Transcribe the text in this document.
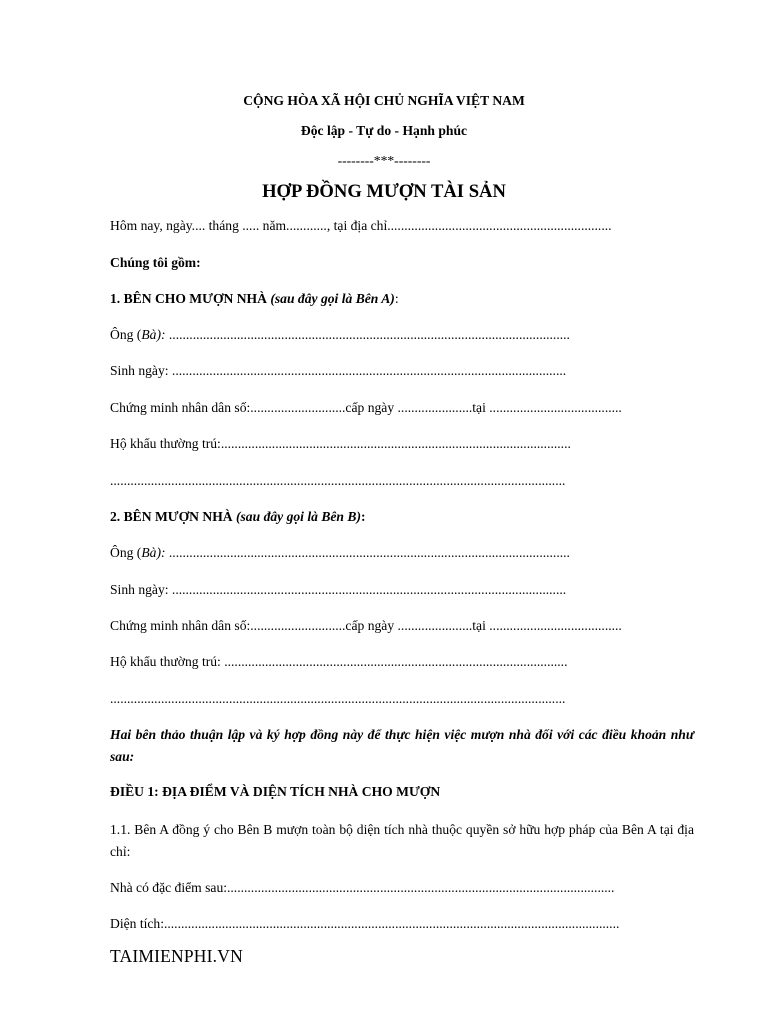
CỘNG HÒA XÃ HỘI CHỦ NGHĨA VIỆT NAM
Độc lập - Tự do - Hạnh phúc
--------***--------
HỢP ĐỒNG MƯỢN TÀI SẢN
Hôm nay, ngày.... tháng ..... năm............, tại địa chỉ..................................................................
Chúng tôi gồm:
1. BÊN CHO MƯỢN NHÀ (sau đây gọi là Bên A):
Ông (Bà): ......................................................................................................................
Sinh ngày: ....................................................................................................................
Chứng minh nhân dân số:............................cấp ngày ......................tại .......................................
Hộ khẩu thường trú:.......................................................................................................
......................................................................................................................................
2. BÊN MƯỢN NHÀ (sau đây gọi là Bên B):
Ông (Bà): ......................................................................................................................
Sinh ngày: ....................................................................................................................
Chứng minh nhân dân số:............................cấp ngày ......................tại .......................................
Hộ khẩu thường trú: .....................................................................................................
......................................................................................................................................
Hai bên thảo thuận lập và ký hợp đồng này để thực hiện việc mượn nhà đối với các điều khoản như sau:
ĐIỀU 1: ĐỊA ĐIỂM VÀ DIỆN TÍCH NHÀ CHO MƯỢN
1.1. Bên A đồng ý cho Bên B mượn toàn bộ diện tích nhà thuộc quyền sở hữu hợp pháp của Bên A tại địa chỉ:
Nhà có đặc điểm sau:..................................................................................................................
Diện tích:......................................................................................................................................
TAIMIENPHI.VN
